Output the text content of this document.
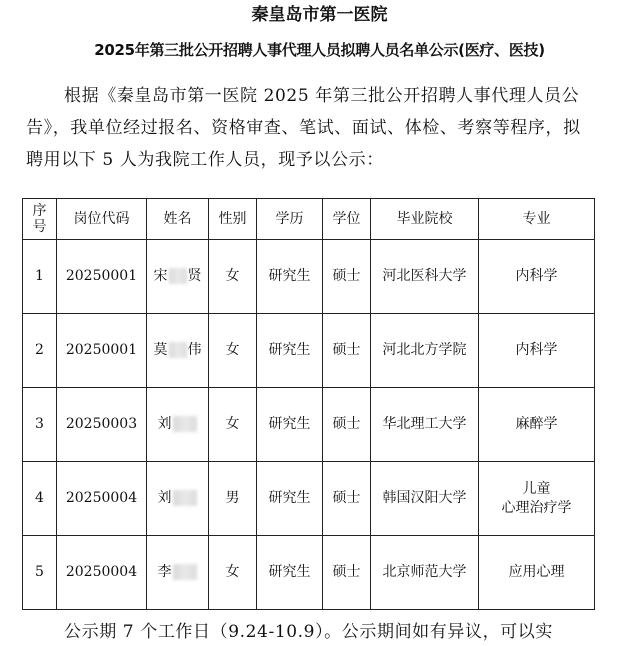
秦皇岛市第一医院
2025年第三批公开招聘人事代理人员拟聘人员名单公示(医疗、医技)
根据《秦皇岛市第一医院 2025 年第三批公开招聘人事代理人员公告》，我单位经过报名、资格审查、笔试、面试、体检、考察等程序，拟聘用以下 5 人为我院工作人员，现予以公示：
序号	岗位代码	姓名	性别	学历	学位	毕业院校	专业
1	20250001	宋 贤	女	研究生	硕士	河北医科大学	内科学
2	20250001	莫 伟	女	研究生	硕士	河北北方学院	内科学
3	20250003	刘	女	研究生	硕士	华北理工大学	麻醉学
4	20250004	刘	男	研究生	硕士	韩国汉阳大学	儿童
心理治疗学

5	20250004	李	女	研究生	硕士	北京师范大学	应用心理
公示期 7 个工作日（9.24-10.9）。公示期间如有异议，可以实
